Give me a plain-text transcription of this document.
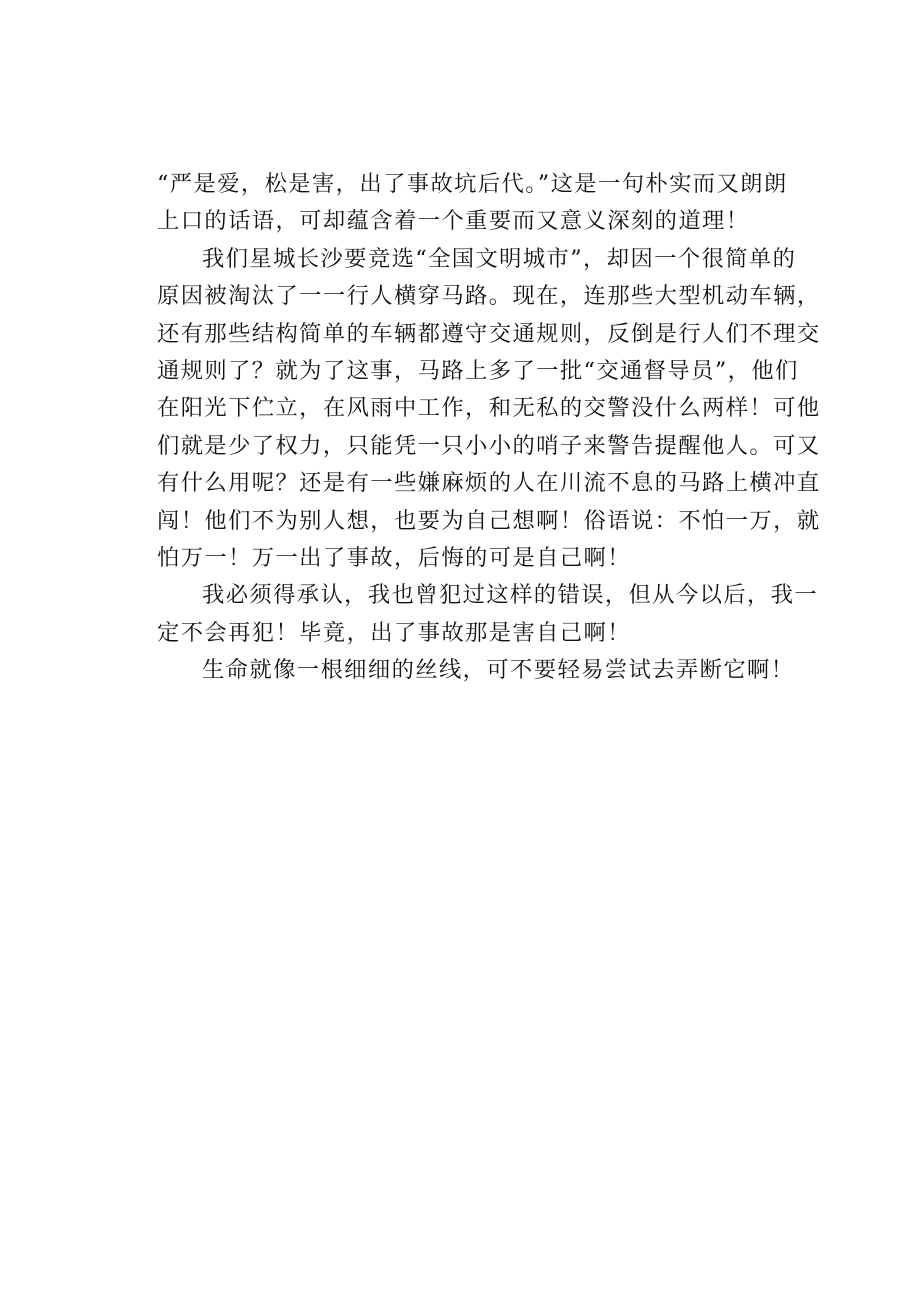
“严是爱，松是害，出了事故坑后代。”这是一句朴实而又朗朗
上口的话语，可却蕴含着一个重要而又意义深刻的道理！
我们星城长沙要竞选“全国文明城市”，却因一个很简单的
原因被淘汰了一一行人横穿马路。现在，连那些大型机动车辆，
还有那些结构简单的车辆都遵守交通规则，反倒是行人们不理交
通规则了？就为了这事，马路上多了一批“交通督导员”，他们
在阳光下伫立，在风雨中工作，和无私的交警没什么两样！可他
们就是少了权力，只能凭一只小小的哨子来警告提醒他人。可又
有什么用呢？还是有一些嫌麻烦的人在川流不息的马路上横冲直
闯！他们不为别人想，也要为自己想啊！俗语说：不怕一万，就
怕万一！万一出了事故，后悔的可是自己啊！
我必须得承认，我也曾犯过这样的错误，但从今以后，我一
定不会再犯！毕竟，出了事故那是害自己啊！
生命就像一根细细的丝线，可不要轻易尝试去弄断它啊！
